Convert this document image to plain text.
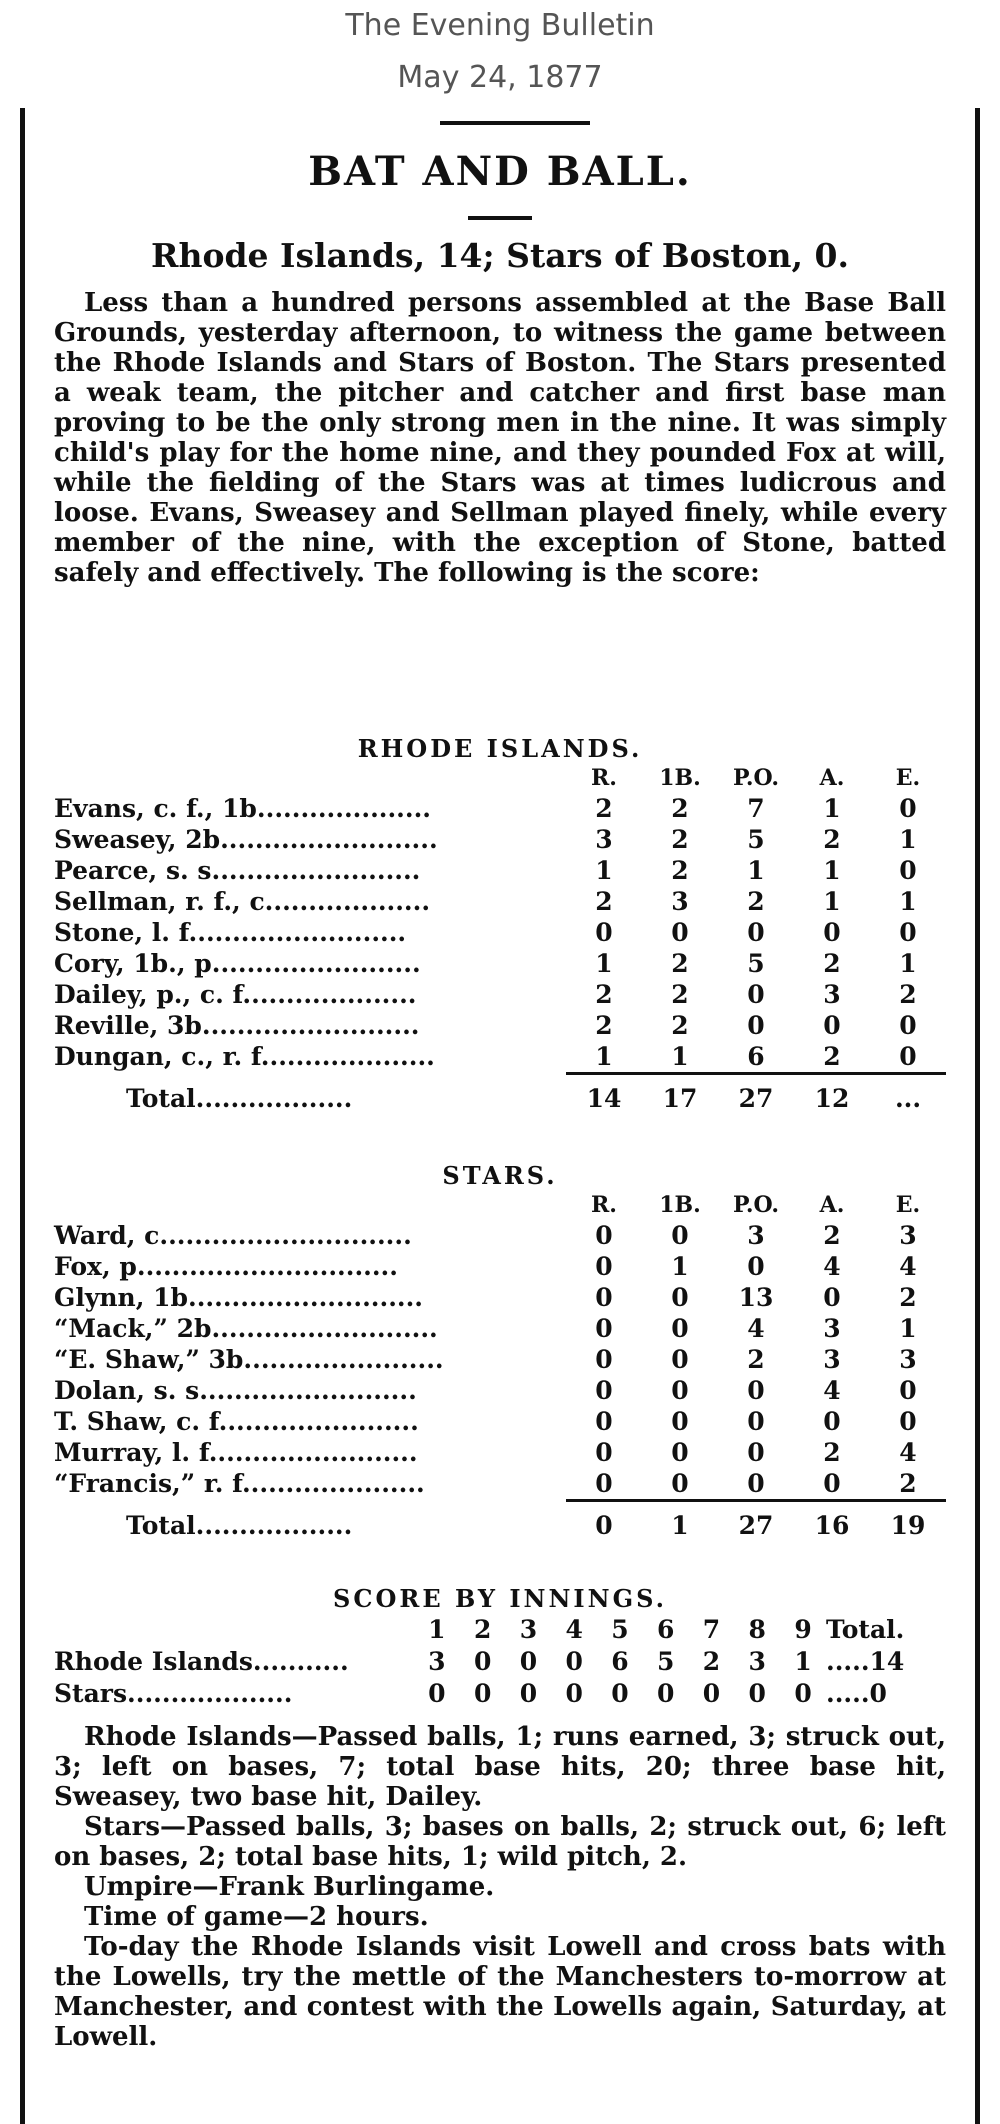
The Evening Bulletin
May 24, 1877
BAT AND BALL.
Rhode Islands, 14; Stars of Boston, 0.

Less than a hundred persons assembled at the Base Ball Grounds, yesterday afternoon, to witness the game between the Rhode Islands and Stars of Boston. The Stars presented a weak team, the pitcher and catcher and first base man proving to be the only strong men in the nine. It was simply child's play for the home nine, and they pounded Fox at will, while the fielding of the Stars was at times ludicrous and loose. Evans, Sweasey and Sellman played finely, while every member of the nine, with the exception of Stone, batted safely and effectively. The following is the score:

RHODE ISLANDS.
	R.	1B.	P.O.	A.	E.
Evans, c. f., 1b....................	2	2	7	1	0
Sweasey, 2b.........................	3	2	5	2	1
Pearce, s. s........................	1	2	1	1	0
Sellman, r. f., c...................	2	3	2	1	1
Stone, l. f.........................	0	0	0	0	0
Cory, 1b., p........................	1	2	5	2	1
Dailey, p., c. f....................	2	2	0	3	2
Reville, 3b.........................	2	2	0	0	0
Dungan, c., r. f....................	1	1	6	2	0
Total..................	14	17	27	12	...
STARS.
	R.	1B.	P.O.	A.	E.
Ward, c.............................	0	0	3	2	3
Fox, p..............................	0	1	0	4	4
Glynn, 1b...........................	0	0	13	0	2
“Mack,” 2b..........................	0	0	4	3	1
“E. Shaw,” 3b.......................	0	0	2	3	3
Dolan, s. s.........................	0	0	0	4	0
T. Shaw, c. f.......................	0	0	0	0	0
Murray, l. f........................	0	0	0	2	4
“Francis,” r. f.....................	0	0	0	0	2
Total..................	0	1	27	16	19
SCORE BY INNINGS.
	1	2	3	4	5	6	7	8	9	Total.
Rhode Islands...........	3	0	0	0	6	5	2	3	1	.....14
Stars...................	0	0	0	0	0	0	0	0	0	.....0

Rhode Islands—Passed balls, 1; runs earned, 3; struck out, 3; left on bases, 7; total base hits, 20; three base hit, Sweasey, two base hit, Dailey.

Stars—Passed balls, 3; bases on balls, 2; struck out, 6; left on bases, 2; total base hits, 1; wild pitch, 2.

Umpire—Frank Burlingame.

Time of game—2 hours.

To-day the Rhode Islands visit Lowell and cross bats with the Lowells, try the mettle of the Manchesters to-morrow at Manchester, and contest with the Lowells again, Saturday, at Lowell.
